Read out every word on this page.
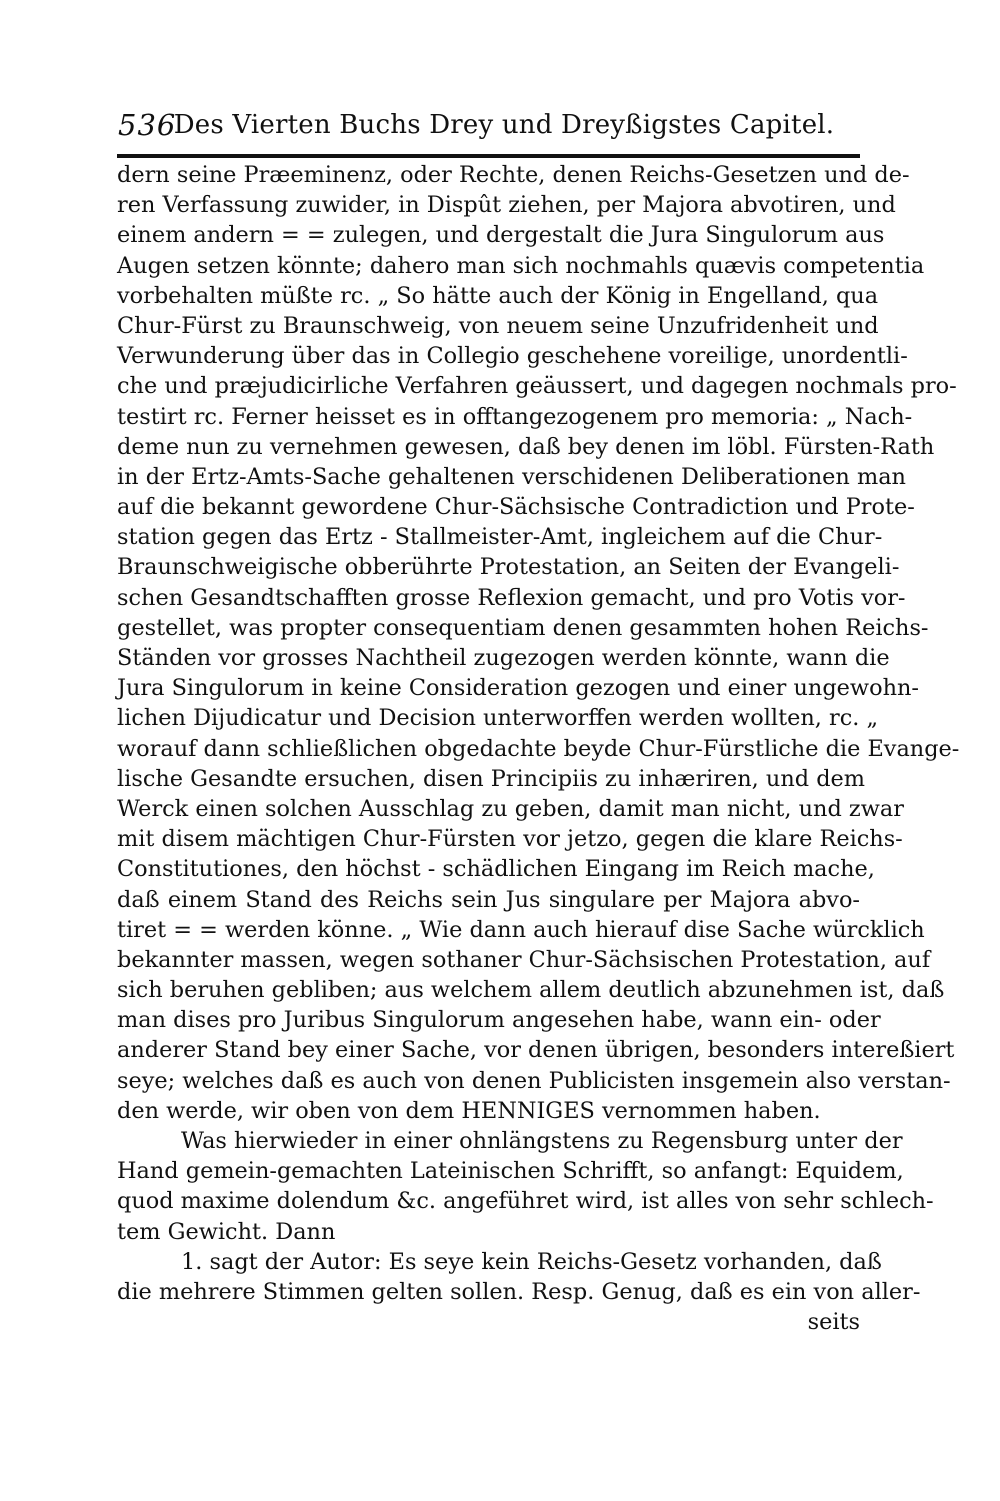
536
Des Vierten Buchs Drey und Dreyßigstes Capitel.
dern seine Præeminenz, oder Rechte, denen Reichs-Gesetzen und de-
ren Verfassung zuwider, in Dispût ziehen, per Majora abvotiren, und
einem andern = = zulegen, und dergestalt die Jura Singulorum aus
Augen setzen könnte; dahero man sich nochmahls quævis competentia
vorbehalten müßte rc. „ So hätte auch der König in Engelland, qua
Chur-Fürst zu Braunschweig, von neuem seine Unzufridenheit und
Verwunderung über das in Collegio geschehene voreilige, unordentli-
che und præjudicirliche Verfahren geäussert, und dagegen nochmals pro-
testirt rc. Ferner heisset es in offtangezogenem pro memoria: „ Nach-
deme nun zu vernehmen gewesen, daß bey denen im löbl. Fürsten-Rath
in der Ertz-Amts-Sache gehaltenen verschidenen Deliberationen man
auf die bekannt gewordene Chur-Sächsische Contradiction und Prote-
station gegen das Ertz - Stallmeister-Amt, ingleichem auf die Chur-
Braunschweigische obberührte Protestation, an Seiten der Evangeli-
schen Gesandtschafften grosse Reflexion gemacht, und pro Votis vor-
gestellet, was propter consequentiam denen gesammten hohen Reichs-
Ständen vor grosses Nachtheil zugezogen werden könnte, wann die
Jura Singulorum in keine Consideration gezogen und einer ungewohn-
lichen Dijudicatur und Decision unterworffen werden wollten, rc. „
worauf dann schließlichen obgedachte beyde Chur-Fürstliche die Evange-
lische Gesandte ersuchen, disen Principiis zu inhæriren, und dem
Werck einen solchen Ausschlag zu geben, damit man nicht, und zwar
mit disem mächtigen Chur-Fürsten vor jetzo, gegen die klare Reichs-
Constitutiones, den höchst - schädlichen Eingang im Reich mache,
daß einem Stand des Reichs sein Jus singulare per Majora abvo-
tiret = = werden könne. „ Wie dann auch hierauf dise Sache würcklich
bekannter massen, wegen sothaner Chur-Sächsischen Protestation, auf
sich beruhen gebliben; aus welchem allem deutlich abzunehmen ist, daß
man dises pro Juribus Singulorum angesehen habe, wann ein- oder
anderer Stand bey einer Sache, vor denen übrigen, besonders intereßiert
seye; welches daß es auch von denen Publicisten insgemein also verstan-
den werde, wir oben von dem HENNIGES vernommen haben.
Was hierwieder in einer ohnlängstens zu Regensburg unter der
Hand gemein-gemachten Lateinischen Schrifft, so anfangt: Equidem,
quod maxime dolendum &c. angeführet wird, ist alles von sehr schlech-
tem Gewicht. Dann
1. sagt der Autor: Es seye kein Reichs-Gesetz vorhanden, daß
die mehrere Stimmen gelten sollen. Resp. Genug, daß es ein von aller-
seits
